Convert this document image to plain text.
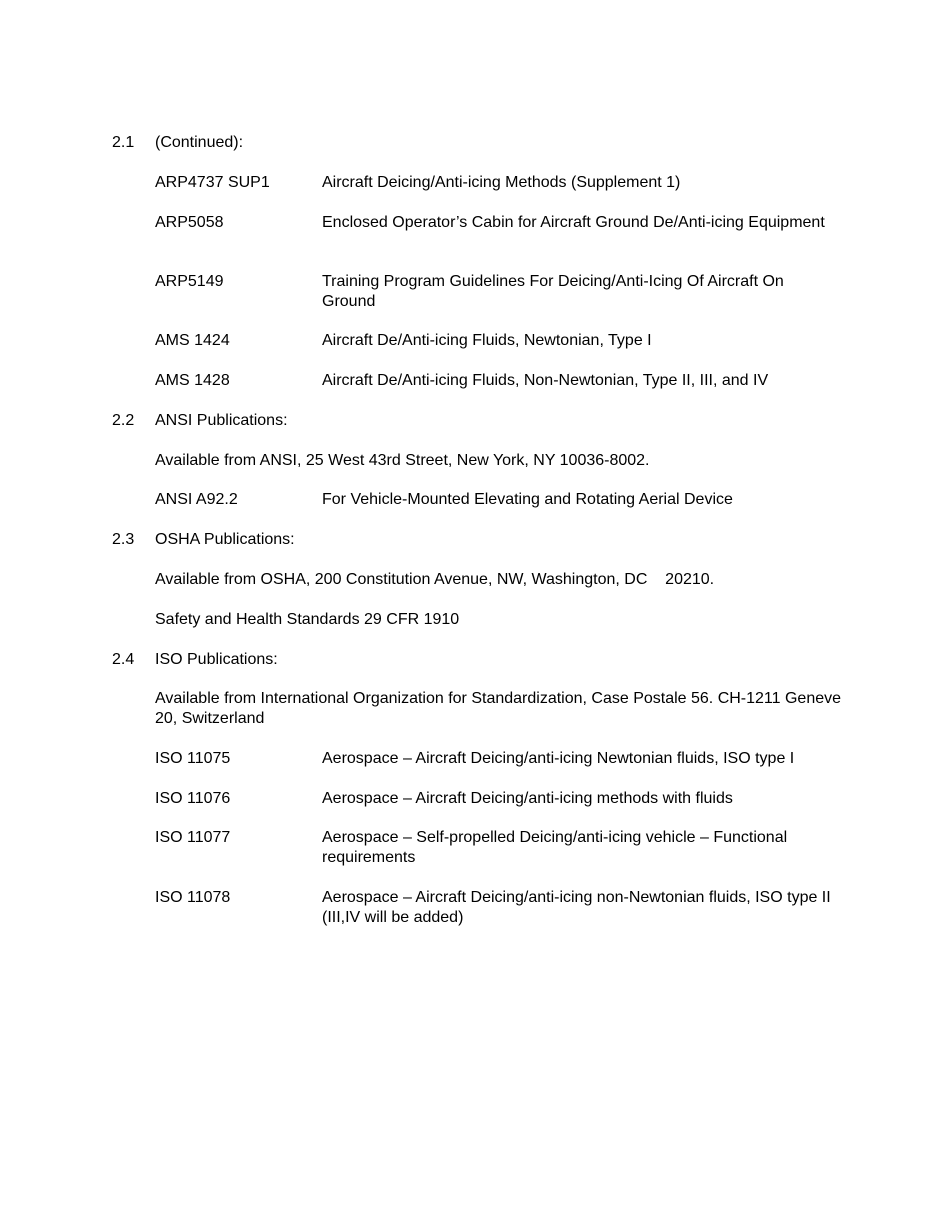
2.1 (Continued):
ARP4737 SUP1	Aircraft Deicing/Anti-icing Methods (Supplement 1)
ARP5058	Enclosed Operator’s Cabin for Aircraft Ground De/Anti-icing Equipment
ARP5149	Training Program Guidelines For Deicing/Anti-Icing Of Aircraft On Ground
AMS 1424	Aircraft De/Anti-icing Fluids, Newtonian, Type I
AMS 1428	Aircraft De/Anti-icing Fluids, Non-Newtonian, Type II, III, and IV
2.2 ANSI Publications:
Available from ANSI, 25 West 43rd Street, New York, NY 10036-8002.
ANSI A92.2	For Vehicle-Mounted Elevating and Rotating Aerial Device
2.3 OSHA Publications:
Available from OSHA, 200 Constitution Avenue, NW, Washington, DC    20210.
Safety and Health Standards 29 CFR 1910
2.4 ISO Publications:
Available from International Organization for Standardization, Case Postale 56. CH-1211 Geneve 20, Switzerland
ISO 11075	Aerospace – Aircraft Deicing/anti-icing Newtonian fluids, ISO type I
ISO 11076	Aerospace – Aircraft Deicing/anti-icing methods with fluids
ISO 11077	Aerospace – Self-propelled Deicing/anti-icing vehicle – Functional requirements
ISO 11078	Aerospace – Aircraft Deicing/anti-icing non-Newtonian fluids, ISO type II (III,IV will be added)
